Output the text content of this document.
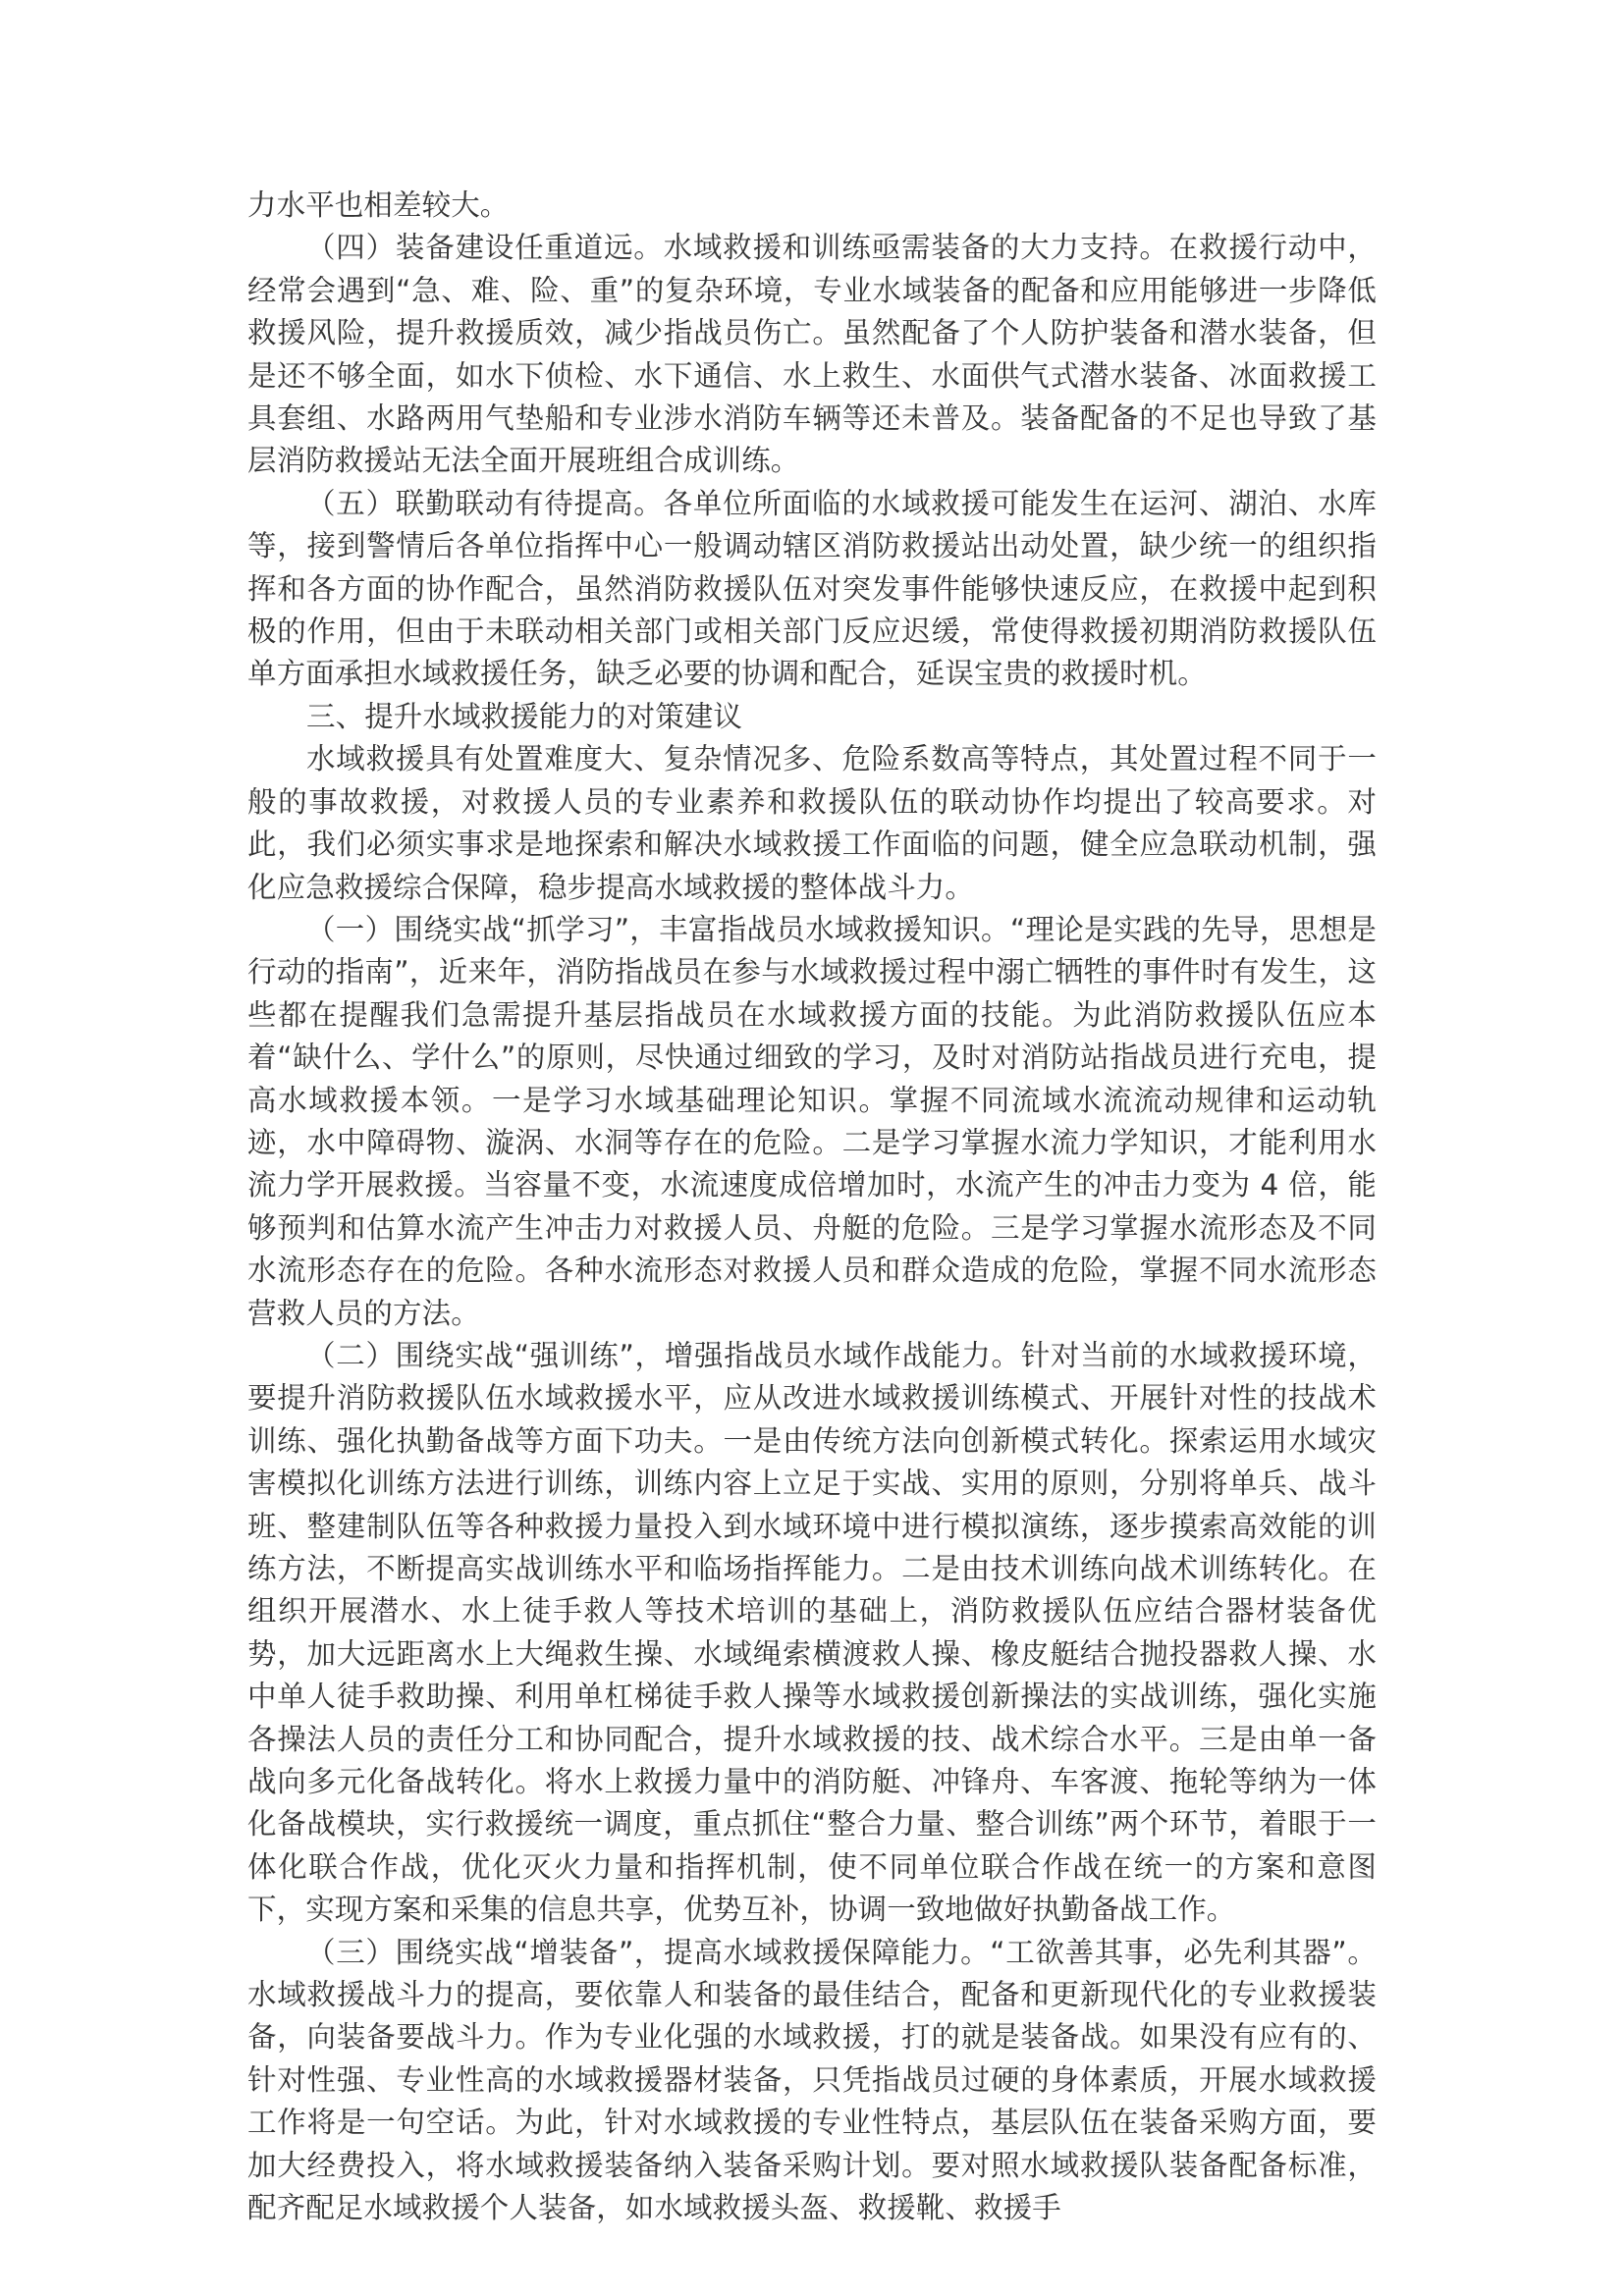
力水平也相差较大。

（四）装备建设任重道远。水域救援和训练亟需装备的大力支持。在救援行动中，经常会遇到“急、难、险、重”的复杂环境，专业水域装备的配备和应用能够进一步降低救援风险，提升救援质效，减少指战员伤亡。虽然配备了个人防护装备和潜水装备，但是还不够全面，如水下侦检、水下通信、水上救生、水面供气式潜水装备、冰面救援工具套组、水路两用气垫船和专业涉水消防车辆等还未普及。装备配备的不足也导致了基层消防救援站无法全面开展班组合成训练。

（五）联勤联动有待提高。各单位所面临的水域救援可能发生在运河、湖泊、水库等，接到警情后各单位指挥中心一般调动辖区消防救援站出动处置，缺少统一的组织指挥和各方面的协作配合，虽然消防救援队伍对突发事件能够快速反应，在救援中起到积极的作用，但由于未联动相关部门或相关部门反应迟缓，常使得救援初期消防救援队伍单方面承担水域救援任务，缺乏必要的协调和配合，延误宝贵的救援时机。

三、提升水域救援能力的对策建议

水域救援具有处置难度大、复杂情况多、危险系数高等特点，其处置过程不同于一般的事故救援，对救援人员的专业素养和救援队伍的联动协作均提出了较高要求。对此，我们必须实事求是地探索和解决水域救援工作面临的问题，健全应急联动机制，强化应急救援综合保障，稳步提高水域救援的整体战斗力。

（一）围绕实战“抓学习”，丰富指战员水域救援知识。“理论是实践的先导，思想是行动的指南”，近来年，消防指战员在参与水域救援过程中溺亡牺牲的事件时有发生，这些都在提醒我们急需提升基层指战员在水域救援方面的技能。为此消防救援队伍应本着“缺什么、学什么”的原则，尽快通过细致的学习，及时对消防站指战员进行充电，提高水域救援本领。一是学习水域基础理论知识。掌握不同流域水流流动规律和运动轨迹，水中障碍物、漩涡、水洞等存在的危险。二是学习掌握水流力学知识，才能利用水流力学开展救援。当容量不变，水流速度成倍增加时，水流产生的冲击力变为 4 倍，能够预判和估算水流产生冲击力对救援人员、舟艇的危险。三是学习掌握水流形态及不同水流形态存在的危险。各种水流形态对救援人员和群众造成的危险，掌握不同水流形态营救人员的方法。

（二）围绕实战“强训练”，增强指战员水域作战能力。针对当前的水域救援环境，要提升消防救援队伍水域救援水平，应从改进水域救援训练模式、开展针对性的技战术训练、强化执勤备战等方面下功夫。一是由传统方法向创新模式转化。探索运用水域灾害模拟化训练方法进行训练，训练内容上立足于实战、实用的原则，分别将单兵、战斗班、整建制队伍等各种救援力量投入到水域环境中进行模拟演练，逐步摸索高效能的训练方法，不断提高实战训练水平和临场指挥能力。二是由技术训练向战术训练转化。在组织开展潜水、水上徒手救人等技术培训的基础上，消防救援队伍应结合器材装备优势，加大远距离水上大绳救生操、水域绳索横渡救人操、橡皮艇结合抛投器救人操、水中单人徒手救助操、利用单杠梯徒手救人操等水域救援创新操法的实战训练，强化实施各操法人员的责任分工和协同配合，提升水域救援的技、战术综合水平。三是由单一备战向多元化备战转化。将水上救援力量中的消防艇、冲锋舟、车客渡、拖轮等纳为一体化备战模块，实行救援统一调度，重点抓住“整合力量、整合训练”两个环节，着眼于一体化联合作战，优化灭火力量和指挥机制，使不同单位联合作战在统一的方案和意图下，实现方案和采集的信息共享，优势互补，协调一致地做好执勤备战工作。

（三）围绕实战“增装备”，提高水域救援保障能力。“工欲善其事，必先利其器”。水域救援战斗力的提高，要依靠人和装备的最佳结合，配备和更新现代化的专业救援装备，向装备要战斗力。作为专业化强的水域救援，打的就是装备战。如果没有应有的、针对性强、专业性高的水域救援器材装备，只凭指战员过硬的身体素质，开展水域救援工作将是一句空话。为此，针对水域救援的专业性特点，基层队伍在装备采购方面，要加大经费投入，将水域救援装备纳入装备采购计划。要对照水域救援队装备配备标准，配齐配足水域救援个人装备，如水域救援头盔、救援靴、救援手
